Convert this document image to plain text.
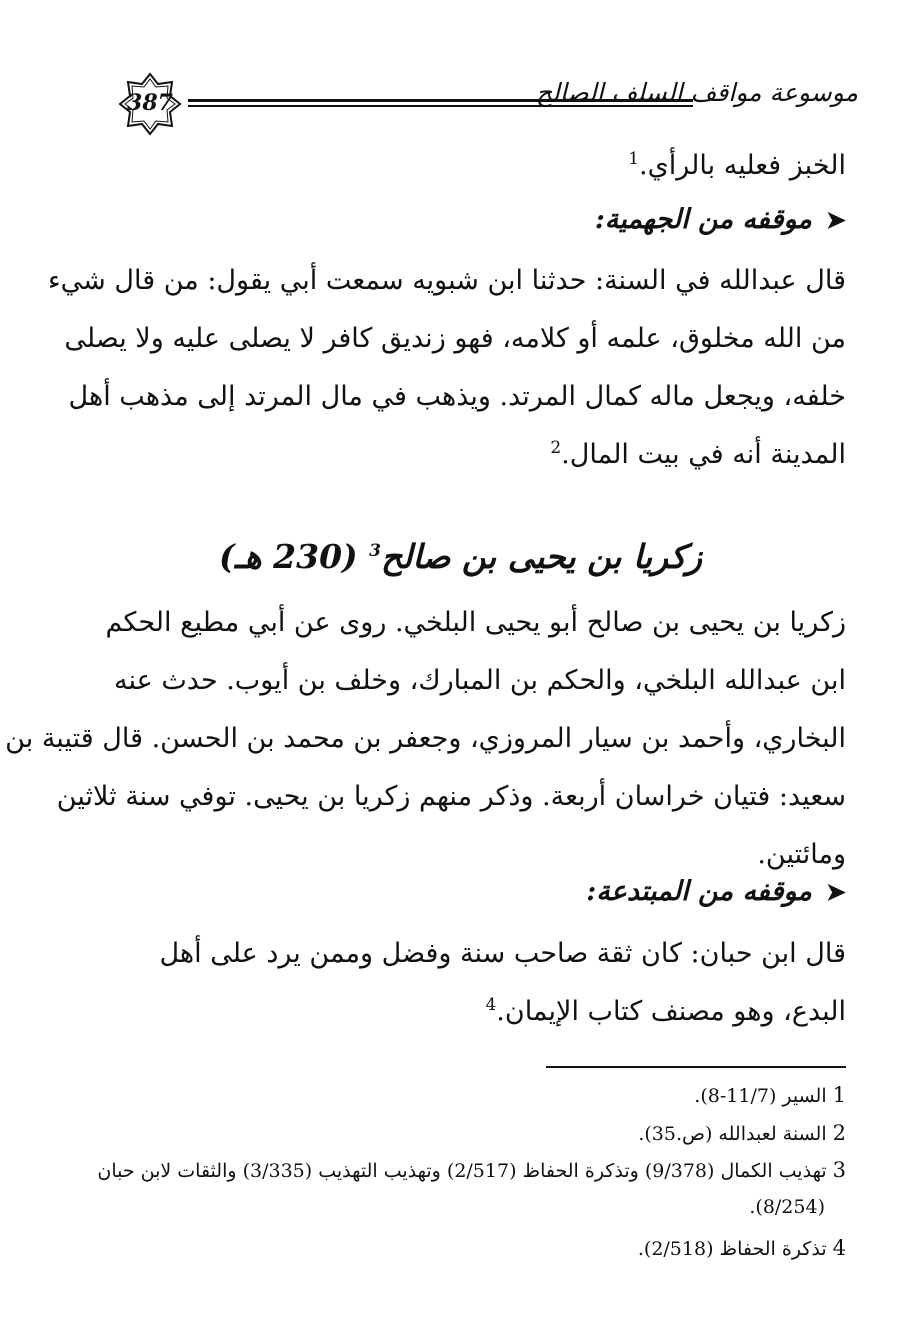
387	موسوعة مواقف السلف الصالح
الخبز فعليه بالرأي.$^1$
➤موقفه من الجهمية:
قال عبدالله في السنة: حدثنا ابن شبويه سمعت أبي يقول: من قال شيء
من الله مخلوق، علمه أو كلامه، فهو زنديق كافر لا يصلى عليه ولا يصلى
خلفه، ويجعل ماله كمال المرتد. ويذهب في مال المرتد إلى مذهب أهل
المدينة أنه في بيت المال.$^2$
زكريا بن يحيى بن صالح$^3$ (230 هـ)
زكريا بن يحيى بن صالح أبو يحيى البلخي. روى عن أبي مطيع الحكم
ابن عبدالله البلخي، والحكم بن المبارك، وخلف بن أيوب. حدث عنه
البخاري، وأحمد بن سيار المروزي، وجعفر بن محمد بن الحسن. قال قتيبة بن
سعيد: فتيان خراسان أربعة. وذكر منهم زكريا بن يحيى. توفي سنة ثلاثين
ومائتين.
➤موقفه من المبتدعة:
قال ابن حبان: كان ثقة صاحب سنة وفضل وممن يرد على أهل
البدع، وهو مصنف كتاب الإيمان.$^4$
1السير (11/7-8).
2السنة لعبدالله (ص.35).
3تهذيب الكمال (9/378) وتذكرة الحفاظ (2/517) وتهذيب التهذيب (3/335) والثقات لابن حبان
(8/254).
4تذكرة الحفاظ (2/518).
